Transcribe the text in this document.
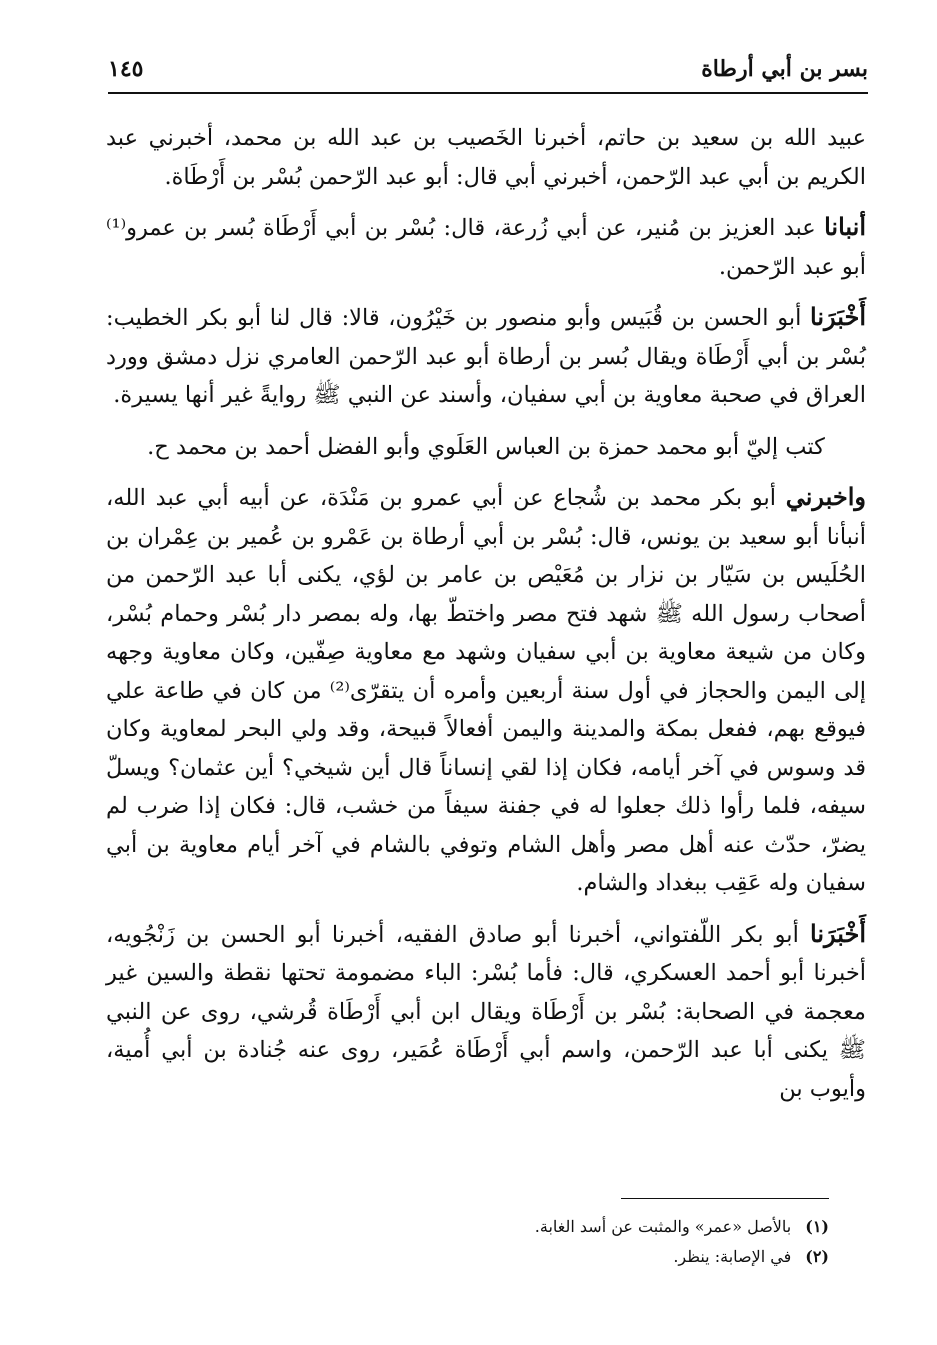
بسر بن أبي أرطاة
١٤٥

عبيد الله بن سعيد بن حاتم، أخبرنا الخَصيب بن عبد الله بن محمد، أخبرني عبد الكريم بن أبي عبد الرّحمن، أخبرني أبي قال: أبو عبد الرّحمن بُسْر بن أَرْطَاة.

أنبانا عبد العزيز بن مُنير، عن أبي زُرعة، قال: بُسْر بن أبي أَرْطَاة بُسر بن عمرو⁽¹⁾ أبو عبد الرّحمن.

أَخْبَرَنا أبو الحسن بن قُبَيس وأبو منصور بن خَيْرُون، قالا: قال لنا أبو بكر الخطيب: بُسْر بن أبي أَرْطَاة ويقال بُسر بن أرطاة أبو عبد الرّحمن العامري نزل دمشق وورد العراق في صحبة معاوية بن أبي سفيان، وأسند عن النبي ﷺ روايةً غير أنها يسيرة.

كتب إليّ أبو محمد حمزة بن العباس العَلَوي وأبو الفضل أحمد بن محمد ح.

واخبرني أبو بكر محمد بن شُجاع عن أبي عمرو بن مَنْدَة، عن أبيه أبي عبد الله، أنبأنا أبو سعيد بن يونس، قال: بُسْر بن أبي أرطاة بن عَمْرو بن عُمير بن عِمْران بن الحُلَيس بن سَيّار بن نزار بن مُعَيْص بن عامر بن لؤي، يكنى أبا عبد الرّحمن من أصحاب رسول الله ﷺ شهد فتح مصر واختطّ بها، وله بمصر دار بُسْر وحمام بُسْر، وكان من شيعة معاوية بن أبي سفيان وشهد مع معاوية صِفّين، وكان معاوية وجهه إلى اليمن والحجاز في أول سنة أربعين وأمره أن يتقرّى⁽²⁾ من كان في طاعة علي فيوقع بهم، ففعل بمكة والمدينة واليمن أفعالاً قبيحة، وقد ولي البحر لمعاوية وكان قد وسوس في آخر أيامه، فكان إذا لقي إنساناً قال أين شيخي؟ أين عثمان؟ ويسلّ سيفه، فلما رأوا ذلك جعلوا له في جفنة سيفاً من خشب، قال: فكان إذا ضرب لم يضرّ، حدّث عنه أهل مصر وأهل الشام وتوفي بالشام في آخر أيام معاوية بن أبي سفيان وله عَقِب ببغداد والشام.

أَخْبَرَنا أبو بكر اللّفتواني، أخبرنا أبو صادق الفقيه، أخبرنا أبو الحسن بن زَنْجُويه، أخبرنا أبو أحمد العسكري، قال: فأما بُسْر: الباء مضمومة تحتها نقطة والسين غير معجمة في الصحابة: بُسْر بن أَرْطَاة ويقال ابن أبي أَرْطَاة قُرشي، روى عن النبي ﷺ يكنى أبا عبد الرّحمن، واسم أبي أَرْطَاة عُمَير، روى عنه جُنادة بن أبي أُمية، وأيوب بن

(١)
بالأصل «عمر» والمثبت عن أسد الغابة.
(٢)
في الإصابة: ينظر.
